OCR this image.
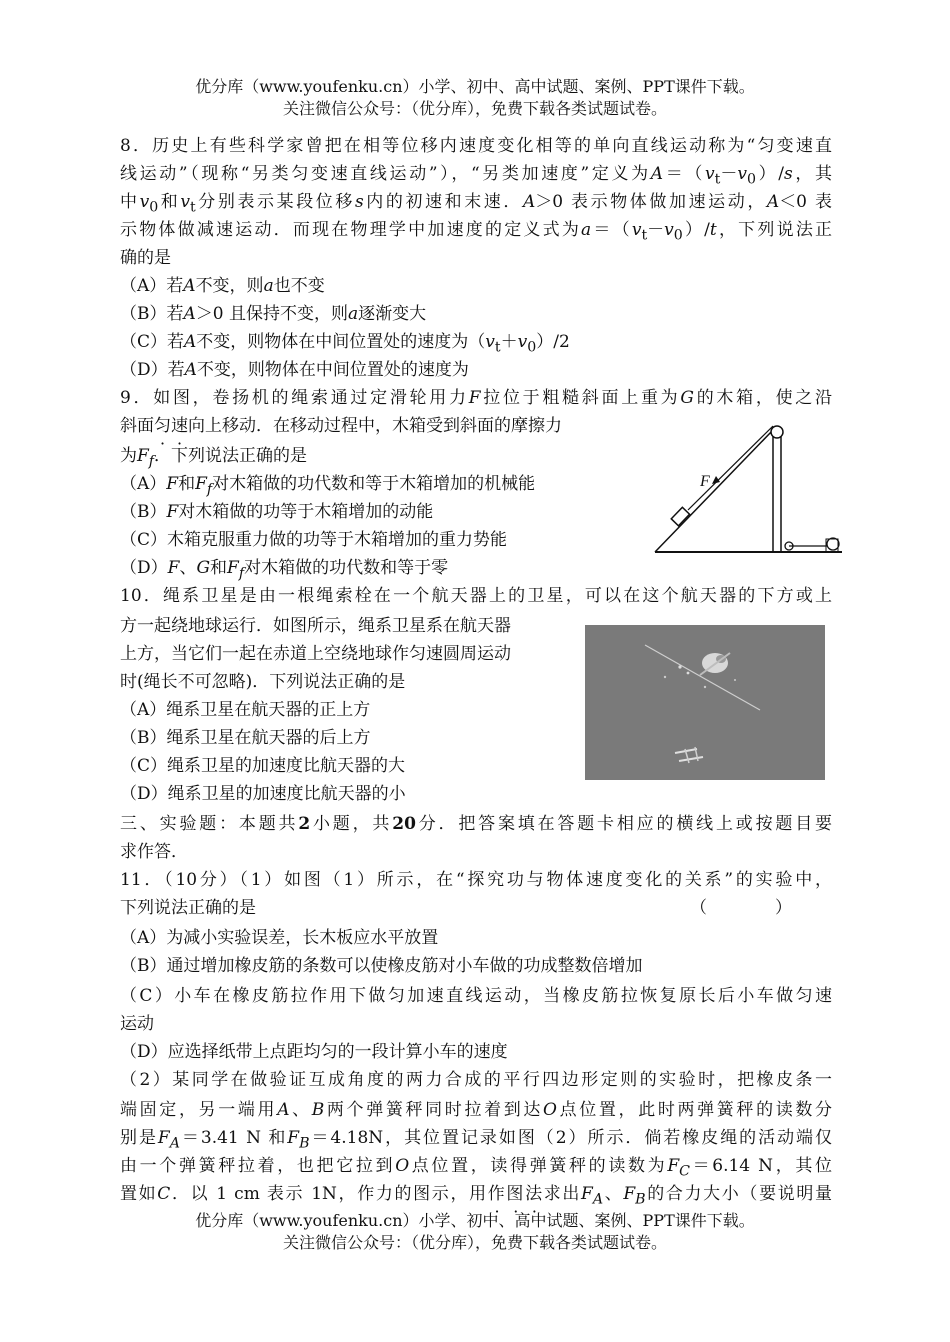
优分库（www.youfenku.cn）小学、初中、高中试题、案例、PPT课件下载。
关注微信公众号：（优分库），免费下载各类试题试卷。
8．历史上有些科学家曾把在相等位移内速度变化相等的单向直线运动称为“匀变速直
线运动”（现称“另类匀变速直线运动”），“另类加速度”定义为$A=(v_t-v_0)/s$，其
中$v_0$和$v_t$分别表示某段位移s内的初速和末速．A＞0 表示物体做加速运动，A＜0 表
示物体做减速运动．而现在物理学中加速度的定义式为$a=(v_t-v_0)/t$，下列说法正
确的是
（A）若A不变，则a也不变
（B）若A＞0 且保持不变，则a逐渐变大
（C）若A不变，则物体在中间位置处的速度为$(v_t+v_0)/2$
（D）若A不变，则物体在中间位置处的速度为
9．如图，卷扬机的绳索通过定滑轮用力F拉位于粗糙斜面上重为G的木箱，使之沿
斜面匀速向上移动．在移动过程中，木箱受到斜面的摩擦力
为$F_f$．下列说法正确的是
（A）F和$F_f$对木箱做的功代数和等于木箱增加的机械能
（B）F对木箱做的功等于木箱增加的动能
（C）木箱克服重力做的功等于木箱增加的重力势能
（D）F、G和$F_f$对木箱做的功代数和等于零
F
10．绳系卫星是由一根绳索栓在一个航天器上的卫星，可以在这个航天器的下方或上
方一起绕地球运行．如图所示，绳系卫星系在航天器
上方，当它们一起在赤道上空绕地球作匀速圆周运动
时(绳长不可忽略)．下列说法正确的是
（A）绳系卫星在航天器的正上方
（B）绳系卫星在航天器的后上方
（C）绳系卫星的加速度比航天器的大
（D）绳系卫星的加速度比航天器的小
三、实验题：本题共2小题，共20分．把答案填在答题卡相应的横线上或按题目要
求作答．
11．（10分）（1）如图（1）所示，在“探究功与物体速度变化的关系”的实验中，
下列说法正确的是	（　　　　）
（A）为减小实验误差，长木板应水平放置
（B）通过增加橡皮筋的条数可以使橡皮筋对小车做的功成整数倍增加
（C）小车在橡皮筋拉作用下做匀加速直线运动，当橡皮筋拉恢复原长后小车做匀速
运动
（D）应选择纸带上点距均匀的一段计算小车的速度
（2）某同学在做验证互成角度的两力合成的平行四边形定则的实验时，把橡皮条一
端固定，另一端用A、B两个弹簧秤同时拉着到达O点位置，此时两弹簧秤的读数分
别是$F_A=3.41$ N 和$F_B=4.18N$，其位置记录如图（2）所示．倘若橡皮绳的活动端仅
由一个弹簧秤拉着，也把它拉到O点位置，读得弹簧秤的读数为$F_C=6.14$ N，其位
置如C．以 1 cm 表示 1N，作力的图示，用作图法求出$F_A$、$F_B$的合力大小（要说明量
优分库（www.youfenku.cn）小学、初中、高中试题、案例、PPT课件下载。
关注微信公众号：（优分库），免费下载各类试题试卷。
